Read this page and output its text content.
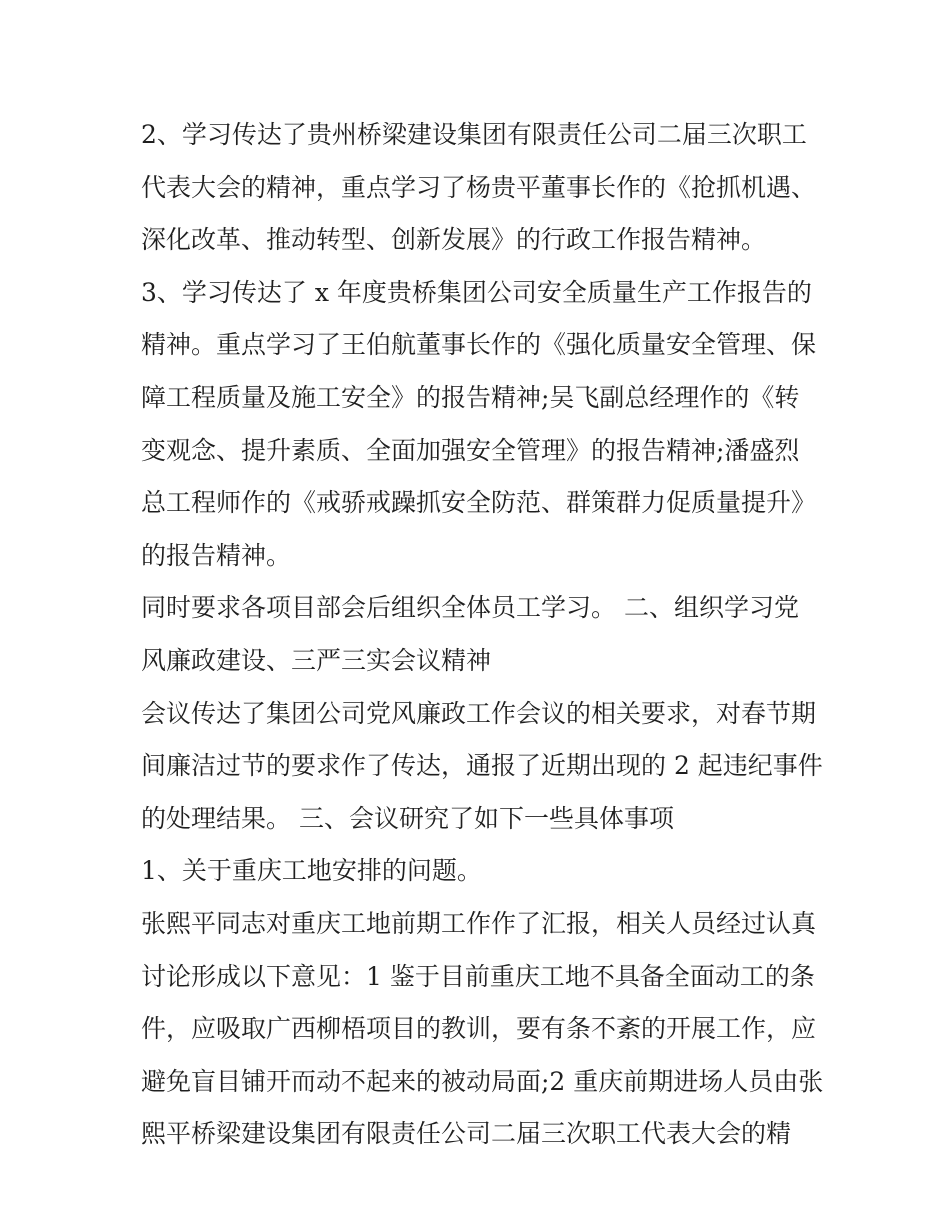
2、学习传达了贵州桥梁建设集团有限责任公司二届三次职工
代表大会的精神，重点学习了杨贵平董事长作的《抢抓机遇、
深化改革、推动转型、创新发展》的行政工作报告精神。
3、学习传达了 x 年度贵桥集团公司安全质量生产工作报告的
精神。重点学习了王伯航董事长作的《强化质量安全管理、保
障工程质量及施工安全》的报告精神;吴飞副总经理作的《转
变观念、提升素质、全面加强安全管理》的报告精神;潘盛烈
总工程师作的《戒骄戒躁抓安全防范、群策群力促质量提升》
的报告精神。
同时要求各项目部会后组织全体员工学习。 二、组织学习党
风廉政建设、三严三实会议精神
会议传达了集团公司党风廉政工作会议的相关要求，对春节期
间廉洁过节的要求作了传达，通报了近期出现的 2 起违纪事件
的处理结果。 三、会议研究了如下一些具体事项
1、关于重庆工地安排的问题。
张熙平同志对重庆工地前期工作作了汇报，相关人员经过认真
讨论形成以下意见：1 鉴于目前重庆工地不具备全面动工的条
件，应吸取广西柳梧项目的教训，要有条不紊的开展工作，应
避免盲目铺开而动不起来的被动局面;2 重庆前期进场人员由张
熙平桥梁建设集团有限责任公司二届三次职工代表大会的精
